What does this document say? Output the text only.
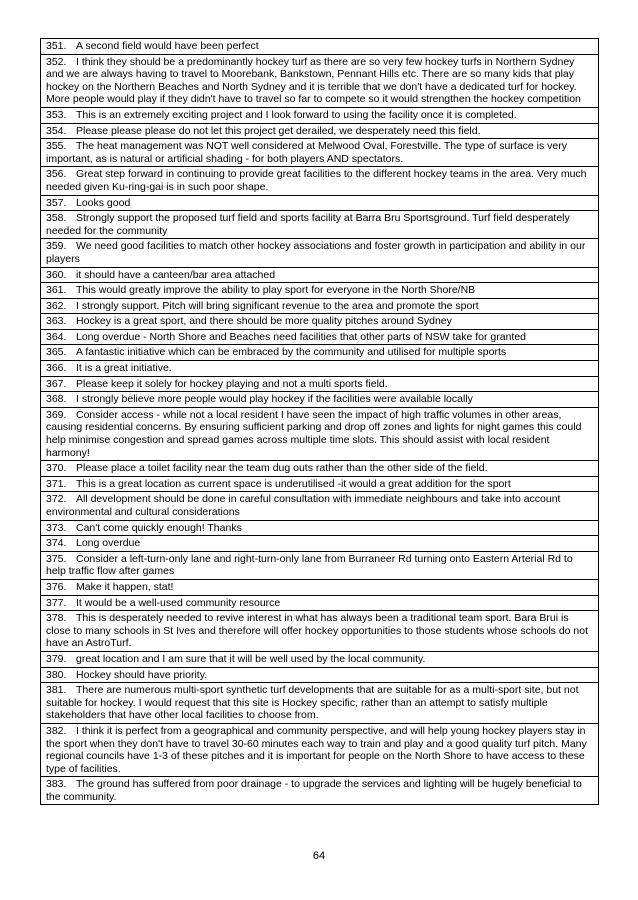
351. A second field would have been perfect
352. I think they should be a predominantly hockey turf as there are so very few hockey turfs in Northern Sydney and we are always having to travel to Moorebank, Bankstown, Pennant Hills etc. There are so many kids that play hockey on the Northern Beaches and North Sydney and it is terrible that we don't have a dedicated turf for hockey. More people would play if they didn't have to travel so far to compete so it would strengthen the hockey competition
353. This is an extremely exciting project and I look forward to using the facility once it is completed.
354. Please please please do not let this project get derailed, we desperately need this field.
355. The heat management was NOT well considered at Melwood Oval, Forestville. The type of surface is very important, as is natural or artificial shading - for both players AND spectators.
356. Great step forward in continuing to provide great facilities to the different hockey teams in the area. Very much needed given Ku-ring-gai is in such poor shape.
357. Looks good
358. Strongly support the proposed turf field and sports facility at Barra Bru Sportsground. Turf field desperately needed for the community
359. We need good facilities to match other hockey associations and foster growth in participation and ability in our players
360. it should have a canteen/bar area attached
361. This would greatly improve the ability to play sport for everyone in the North Shore/NB
362. I strongly support. Pitch will bring significant revenue to the area and promote the sport
363. Hockey is a great sport, and there should be more quality pitches around Sydney
364. Long overdue - North Shore and Beaches need facilities that other parts of NSW take for granted
365. A fantastic initiative which can be embraced by the community and utilised for multiple sports
366. It is a great initiative.
367. Please keep it solely for hockey playing and not a multi sports field.
368. I strongly believe more people would play hockey if the facilities were available locally
369. Consider access - while not a local resident I have seen the impact of high traffic volumes in other areas, causing residential concerns. By ensuring sufficient parking and drop off zones and lights for night games this could help minimise congestion and spread games across multiple time slots. This should assist with local resident harmony!
370. Please place a toilet facility near the team dug outs rather than the other side of the field.
371. This is a great location as current space is underutilised -it would a great addition for the sport
372. All development should be done in careful consultation with immediate neighbours and take into account environmental and cultural considerations
373. Can't come quickly enough! Thanks
374. Long overdue
375. Consider a left-turn-only lane and right-turn-only lane from Burraneer Rd turning onto Eastern Arterial Rd to help traffic flow after games
376. Make it happen, stat!
377. It would be a well-used community resource
378. This is desperately needed to revive interest in what has always been a traditional team sport. Bara Brui is close to many schools in St Ives and therefore will offer hockey opportunities to those students whose schools do not have an AstroTurf.
379. great location and I am sure that it will be well used by the local community.
380. Hockey should have priority.
381. There are numerous multi-sport synthetic turf developments that are suitable for as a multi-sport site, but not suitable for hockey. I would request that this site is Hockey specific, rather than an attempt to satisfy multiple stakeholders that have other local facilities to choose from.
382. I think it is perfect from a geographical and community perspective, and will help young hockey players stay in the sport when they don't have to travel 30-60 minutes each way to train and play and a good quality turf pitch. Many regional councils have 1-3 of these pitches and it is important for people on the North Shore to have access to these type of facilities.
383. The ground has suffered from poor drainage - to upgrade the services and lighting will be hugely beneficial to the community.
64
